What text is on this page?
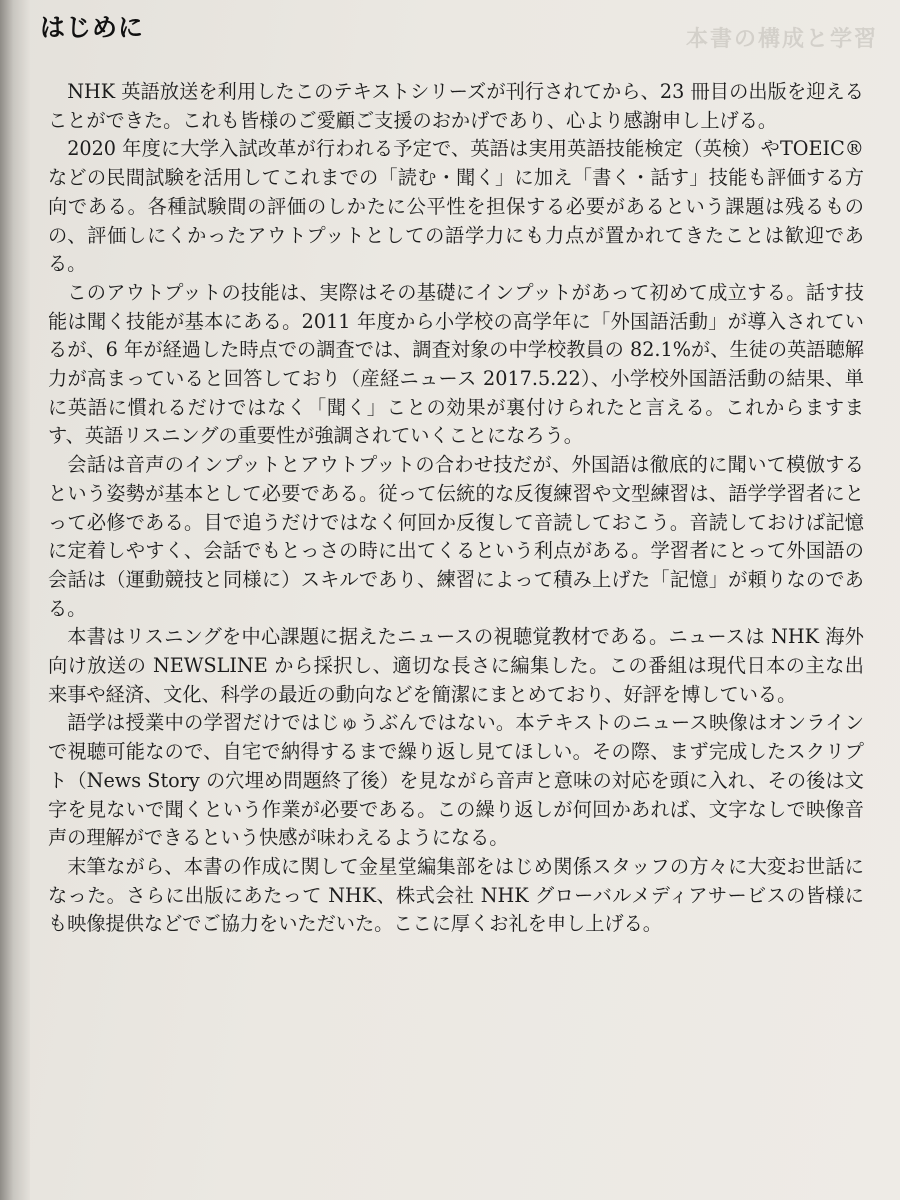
本書の構成と学習
はじめに

NHK 英語放送を利用したこのテキストシリーズが刊行されてから、23 冊目の出版を迎えることができた。これも皆様のご愛顧ご支援のおかげであり、心より感謝申し上げる。

2020 年度に大学入試改革が行われる予定で、英語は実用英語技能検定（英検）やTOEIC®などの民間試験を活用してこれまでの「読む・聞く」に加え「書く・話す」技能も評価する方向である。各種試験間の評価のしかたに公平性を担保する必要があるという課題は残るものの、評価しにくかったアウトプットとしての語学力にも力点が置かれてきたことは歓迎である。

このアウトプットの技能は、実際はその基礎にインプットがあって初めて成立する。話す技能は聞く技能が基本にある。2011 年度から小学校の高学年に「外国語活動」が導入されているが、6 年が経過した時点での調査では、調査対象の中学校教員の 82.1%が、生徒の英語聴解力が高まっていると回答しており（産経ニュース 2017.5.22）、小学校外国語活動の結果、単に英語に慣れるだけではなく「聞く」ことの効果が裏付けられたと言える。これからますます、英語リスニングの重要性が強調されていくことになろう。

会話は音声のインプットとアウトプットの合わせ技だが、外国語は徹底的に聞いて模倣するという姿勢が基本として必要である。従って伝統的な反復練習や文型練習は、語学学習者にとって必修である。目で追うだけではなく何回か反復して音読しておこう。音読しておけば記憶に定着しやすく、会話でもとっさの時に出てくるという利点がある。学習者にとって外国語の会話は（運動競技と同様に）スキルであり、練習によって積み上げた「記憶」が頼りなのである。

本書はリスニングを中心課題に据えたニュースの視聴覚教材である。ニュースは NHK 海外向け放送の NEWSLINE から採択し、適切な長さに編集した。この番組は現代日本の主な出来事や経済、文化、科学の最近の動向などを簡潔にまとめており、好評を博している。

語学は授業中の学習だけではじゅうぶんではない。本テキストのニュース映像はオンラインで視聴可能なので、自宅で納得するまで繰り返し見てほしい。その際、まず完成したスクリプト（News Story の穴埋め問題終了後）を見ながら音声と意味の対応を頭に入れ、その後は文字を見ないで聞くという作業が必要である。この繰り返しが何回かあれば、文字なしで映像音声の理解ができるという快感が味わえるようになる。

末筆ながら、本書の作成に関して金星堂編集部をはじめ関係スタッフの方々に大変お世話になった。さらに出版にあたって NHK、株式会社 NHK グローバルメディアサービスの皆様にも映像提供などでご協力をいただいた。ここに厚くお礼を申し上げる。
